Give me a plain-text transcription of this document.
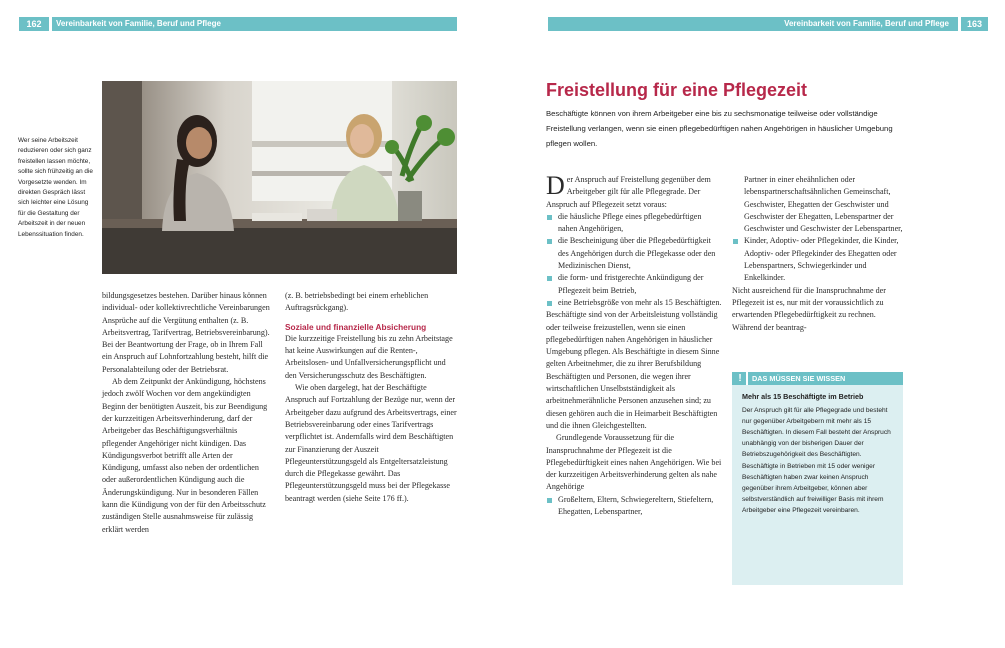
162	Vereinbarkeit von Familie, Beruf und Pflege
Wer seine Arbeitszeit reduzieren oder sich ganz freistellen lassen möchte, sollte sich frühzeitig an die Vorgesetzte wenden. Im direkten Gespräch lässt sich leichter eine Lösung für die Gestaltung der Arbeitszeit in der neuen Lebenssituation finden.

bildungsgesetzes bestehen. Darüber hinaus können individual- oder kollektivrechtliche Vereinbarungen Ansprüche auf die Vergütung enthalten (z. B. Arbeitsvertrag, Tarifvertrag, Betriebsvereinbarung). Bei der Beantwortung der Frage, ob in Ihrem Fall ein Anspruch auf Lohnfortzahlung besteht, hilft die Personalabteilung oder der Betriebsrat.

Ab dem Zeitpunkt der Ankündigung, höchstens jedoch zwölf Wochen vor dem angekündigten Beginn der benötigten Auszeit, bis zur Beendigung der kurzzeitigen Arbeitsverhinderung, darf der Arbeitgeber das Beschäftigungsverhältnis pflegender Angehöriger nicht kündigen. Das Kündigungsverbot betrifft alle Arten der Kündigung, umfasst also neben der ordentlichen oder außerordentlichen Kündigung auch die Änderungskündigung. Nur in besonderen Fällen kann die Kündigung von der für den Arbeitsschutz zuständigen Stelle ausnahmsweise für zulässig erklärt werden

(z. B. betriebsbedingt bei einem erheblichen Auftragsrückgang).

Soziale und finanzielle Absicherung

Die kurzzeitige Freistellung bis zu zehn Arbeitstage hat keine Auswirkungen auf die Renten-, Arbeitslosen- und Unfallversicherungspflicht und den Versicherungsschutz des Beschäftigten.

Wie oben dargelegt, hat der Beschäftigte Anspruch auf Fortzahlung der Bezüge nur, wenn der Arbeitgeber dazu aufgrund des Arbeitsvertrags, einer Betriebsvereinbarung oder eines Tarifvertrags verpflichtet ist. Andernfalls wird dem Beschäftigten zur Finanzierung der Auszeit Pflegeunterstützungsgeld als Entgeltersatzleistung durch die Pflegekasse gewährt. Das Pflegeunterstützungsgeld muss bei der Pflegekasse beantragt werden (siehe Seite 176 ff.).

Vereinbarkeit von Familie, Beruf und Pflege	163
Freistellung für eine Pflegezeit
Beschäftigte können von ihrem Arbeitgeber eine bis zu sechsmonatige teilweise oder vollständige Freistellung verlangen, wenn sie einen pflegebedürftigen nahen Angehörigen in häuslicher Umgebung pflegen wollen.

Der Anspruch auf Freistellung gegenüber dem Arbeitgeber gilt für alle Pflegegrade. Der Anspruch auf Pflegezeit setzt voraus:

die häusliche Pflege eines pflegebedürftigen nahen Angehörigen,
die Bescheinigung über die Pflegebedürftigkeit des Angehörigen durch die Pflegekasse oder den Medizinischen Dienst,
die form- und fristgerechte Ankündigung der Pflegezeit beim Betrieb,
eine Betriebsgröße von mehr als 15 Beschäftigten.

Beschäftigte sind von der Arbeitsleistung vollständig oder teilweise freizustellen, wenn sie einen pflegebedürftigen nahen Angehörigen in häuslicher Umgebung pflegen. Als Beschäftigte in diesem Sinne gelten Arbeitnehmer, die zu ihrer Berufsbildung Beschäftigten und Personen, die wegen ihrer wirtschaftlichen Unselbstständigkeit als arbeitnehmerähnliche Personen anzusehen sind; zu diesen gehören auch die in Heimarbeit Beschäftigten und die ihnen Gleichgestellten.

Grundlegende Voraussetzung für die Inanspruchnahme der Pflegezeit ist die Pflegebedürftigkeit eines nahen Angehörigen. Wie bei der kurzzeitigen Arbeitsverhinderung gelten als nahe Angehörige

Großeltern, Eltern, Schwiegereltern, Stiefeltern, Ehegatten, Lebenspartner,

Partner in einer eheähnlichen oder lebenspartnerschaftsähnlichen Gemeinschaft, Geschwister, Ehegatten der Geschwister und Geschwister der Ehegatten, Lebenspartner der Geschwister und Geschwister der Lebenspartner,

Kinder, Adoptiv- oder Pflegekinder, die Kinder, Adoptiv- oder Pflegekinder des Ehegatten oder Lebenspartners, Schwiegerkinder und Enkelkinder.

Nicht ausreichend für die Inanspruchnahme der Pflegezeit ist es, nur mit der voraussichtlich zu erwartenden Pflegebedürftigkeit zu rechnen. Während der beantrag-

!	DAS MÜSSEN SIE WISSEN
Mehr als 15 Beschäftigte im Betrieb
Der Anspruch gilt für alle Pflegegrade und besteht nur gegenüber Arbeitgebern mit mehr als 15 Beschäftigten. In diesem Fall besteht der Anspruch unabhängig von der bisherigen Dauer der Betriebszugehörigkeit des Beschäftigten. Beschäftigte in Betrieben mit 15 oder weniger Beschäftigten haben zwar keinen Anspruch gegenüber ihrem Arbeitgeber, können aber selbstverständlich auf freiwilliger Basis mit ihrem Arbeitgeber eine Pflegezeit vereinbaren.
